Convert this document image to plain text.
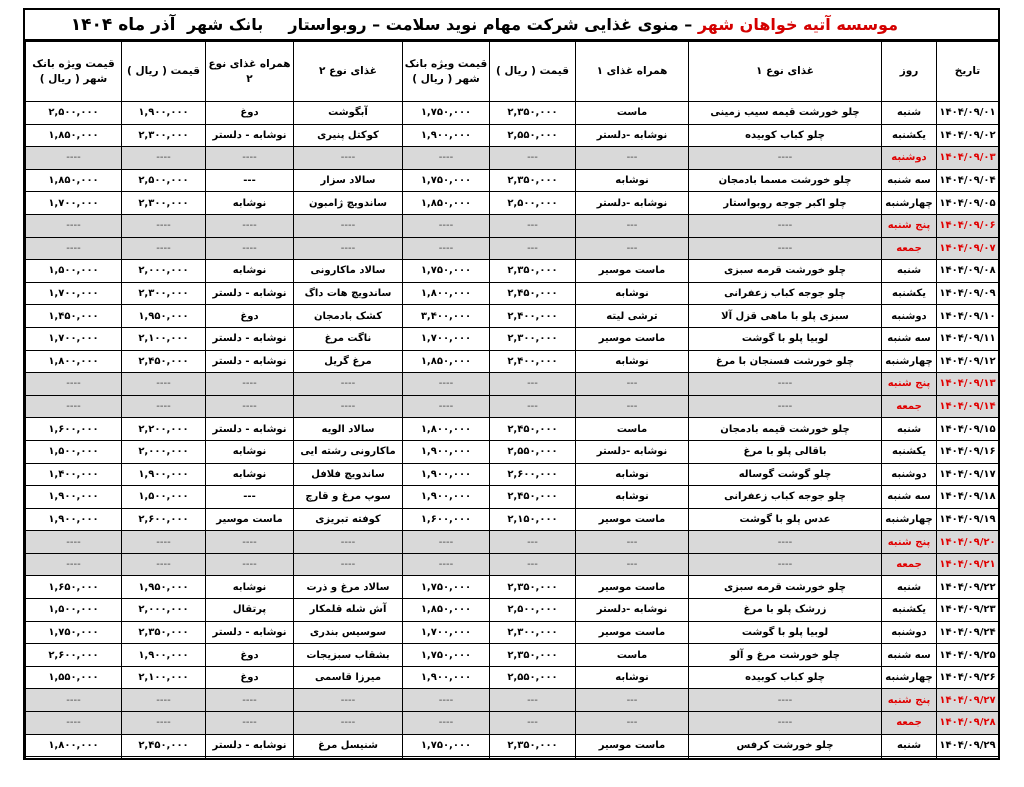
موسسه آتیه خواهان شهر – منوی غذایی شرکت مهام نوید سلامت – روبواستار  بانک شهر آذر ماه ۱۴۰۴
تاریخ	روز	غذای نوع ۱	همراه غذای ۱	قیمت ( ریال )	قیمت ویژه بانک شهر ( ریال )	غذای نوع ۲	همراه غذای نوع ۲	قیمت ( ریال )	قیمت ویژه بانک شهر ( ریال )
۱۴۰۴/۰۹/۰۱	شنبه	چلو خورشت قیمه سیب زمینی	ماست	۲,۳۵۰,۰۰۰	۱,۷۵۰,۰۰۰	آبگوشت	دوغ	۱,۹۰۰,۰۰۰	۲,۵۰۰,۰۰۰
۱۴۰۴/۰۹/۰۲	یکشنبه	چلو کباب کوبیده	نوشابه -دلستر	۲,۵۵۰,۰۰۰	۱,۹۰۰,۰۰۰	کوکتل پنیری	نوشابه - دلستر	۲,۳۰۰,۰۰۰	۱,۸۵۰,۰۰۰
۱۴۰۴/۰۹/۰۳	دوشنبه	----	---	---	----	----	----	----	----
۱۴۰۴/۰۹/۰۴	سه شنبه	چلو خورشت مسما بادمجان	نوشابه	۲,۳۵۰,۰۰۰	۱,۷۵۰,۰۰۰	سالاد سزار	---	۲,۵۰۰,۰۰۰	۱,۸۵۰,۰۰۰
۱۴۰۴/۰۹/۰۵	چهارشنبه	چلو اکبر جوجه روبواستار	نوشابه -دلستر	۲,۵۰۰,۰۰۰	۱,۸۵۰,۰۰۰	ساندویچ ژامبون	نوشابه	۲,۳۰۰,۰۰۰	۱,۷۰۰,۰۰۰
۱۴۰۴/۰۹/۰۶	پنج شنبه	----	---	---	----	----	----	----	----
۱۴۰۴/۰۹/۰۷	جمعه	----	---	---	----	----	----	----	----
۱۴۰۴/۰۹/۰۸	شنبه	چلو خورشت قرمه سبزی	ماست موسیر	۲,۳۵۰,۰۰۰	۱,۷۵۰,۰۰۰	سالاد ماکارونی	نوشابه	۲,۰۰۰,۰۰۰	۱,۵۰۰,۰۰۰
۱۴۰۴/۰۹/۰۹	یکشنبه	چلو جوجه کباب زعفرانی	نوشابه	۲,۴۵۰,۰۰۰	۱,۸۰۰,۰۰۰	ساندویچ هات داگ	نوشابه - دلستر	۲,۳۰۰,۰۰۰	۱,۷۰۰,۰۰۰
۱۴۰۴/۰۹/۱۰	دوشنبه	سبزی پلو با ماهی قزل آلا	ترشی لیته	۲,۴۰۰,۰۰۰	۳,۴۰۰,۰۰۰	کشک بادمجان	دوغ	۱,۹۵۰,۰۰۰	۱,۴۵۰,۰۰۰
۱۴۰۴/۰۹/۱۱	سه شنبه	لوبیا پلو با گوشت	ماست موسیر	۲,۳۰۰,۰۰۰	۱,۷۰۰,۰۰۰	ناگت مرغ	نوشابه - دلستر	۲,۱۰۰,۰۰۰	۱,۷۰۰,۰۰۰
۱۴۰۴/۰۹/۱۲	چهارشنبه	چلو خورشت فسنجان با مرغ	نوشابه	۲,۴۰۰,۰۰۰	۱,۸۵۰,۰۰۰	مرغ گریل	نوشابه - دلستر	۲,۴۵۰,۰۰۰	۱,۸۰۰,۰۰۰
۱۴۰۴/۰۹/۱۳	پنج شنبه	----	---	---	----	----	----	----	----
۱۴۰۴/۰۹/۱۴	جمعه	----	---	---	----	----	----	----	----
۱۴۰۴/۰۹/۱۵	شنبه	چلو خورشت قیمه بادمجان	ماست	۲,۴۵۰,۰۰۰	۱,۸۰۰,۰۰۰	سالاد الویه	نوشابه - دلستر	۲,۲۰۰,۰۰۰	۱,۶۰۰,۰۰۰
۱۴۰۴/۰۹/۱۶	یکشنبه	باقالی پلو با مرغ	نوشابه -دلستر	۲,۵۵۰,۰۰۰	۱,۹۰۰,۰۰۰	ماکارونی رشته ایی	نوشابه	۲,۰۰۰,۰۰۰	۱,۵۰۰,۰۰۰
۱۴۰۴/۰۹/۱۷	دوشنبه	چلو گوشت گوساله	نوشابه	۲,۶۰۰,۰۰۰	۱,۹۰۰,۰۰۰	ساندویچ فلافل	نوشابه	۱,۹۰۰,۰۰۰	۱,۴۰۰,۰۰۰
۱۴۰۴/۰۹/۱۸	سه شنبه	چلو جوجه کباب زعفرانی	نوشابه	۲,۴۵۰,۰۰۰	۱,۹۰۰,۰۰۰	سوپ مرغ و قارچ	---	۱,۵۰۰,۰۰۰	۱,۹۰۰,۰۰۰
۱۴۰۴/۰۹/۱۹	چهارشنبه	عدس پلو با گوشت	ماست موسیر	۲,۱۵۰,۰۰۰	۱,۶۰۰,۰۰۰	کوفته تبریزی	ماست موسیر	۲,۶۰۰,۰۰۰	۱,۹۰۰,۰۰۰
۱۴۰۴/۰۹/۲۰	پنج شنبه	----	---	---	----	----	----	----	----
۱۴۰۴/۰۹/۲۱	جمعه	----	---	---	----	----	----	----	----
۱۴۰۴/۰۹/۲۲	شنبه	چلو خورشت قرمه سبزی	ماست موسیر	۲,۳۵۰,۰۰۰	۱,۷۵۰,۰۰۰	سالاد مرغ و ذرت	نوشابه	۱,۹۵۰,۰۰۰	۱,۶۵۰,۰۰۰
۱۴۰۴/۰۹/۲۳	یکشنبه	زرشک پلو با مرغ	نوشابه -دلستر	۲,۵۰۰,۰۰۰	۱,۸۵۰,۰۰۰	آش شله قلمکار	پرتقال	۲,۰۰۰,۰۰۰	۱,۵۰۰,۰۰۰
۱۴۰۴/۰۹/۲۴	دوشنبه	لوبیا پلو با گوشت	ماست موسیر	۲,۳۰۰,۰۰۰	۱,۷۰۰,۰۰۰	سوسیس بندری	نوشابه - دلستر	۲,۳۵۰,۰۰۰	۱,۷۵۰,۰۰۰
۱۴۰۴/۰۹/۲۵	سه شنبه	چلو خورشت مرغ و آلو	ماست	۲,۳۵۰,۰۰۰	۱,۷۵۰,۰۰۰	بشقاب سبزیجات	دوغ	۱,۹۰۰,۰۰۰	۲,۶۰۰,۰۰۰
۱۴۰۴/۰۹/۲۶	چهارشنبه	چلو کباب کوبیده	نوشابه	۲,۵۵۰,۰۰۰	۱,۹۰۰,۰۰۰	میرزا قاسمی	دوغ	۲,۱۰۰,۰۰۰	۱,۵۵۰,۰۰۰
۱۴۰۴/۰۹/۲۷	پنج شنبه	----	---	---	----	----	----	----	----
۱۴۰۴/۰۹/۲۸	جمعه	----	---	---	----	----	----	----	----
۱۴۰۴/۰۹/۲۹	شنبه	چلو خورشت کرفس	ماست موسیر	۲,۳۵۰,۰۰۰	۱,۷۵۰,۰۰۰	شنیسل مرغ	نوشابه - دلستر	۲,۴۵۰,۰۰۰	۱,۸۰۰,۰۰۰
